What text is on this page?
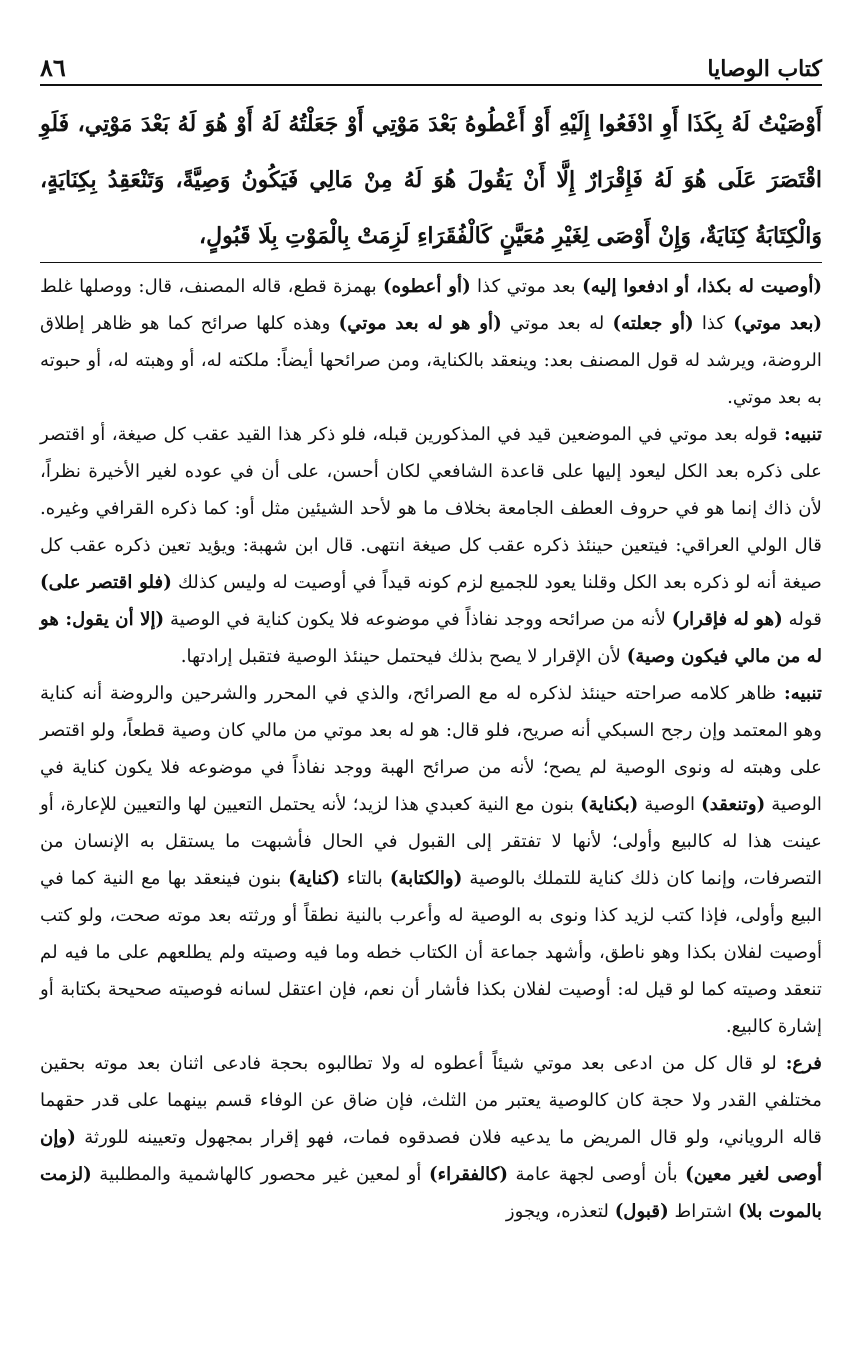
٨٦	كتاب الوصايا

أَوْصَيْتُ لَهُ بِكَذَا أَوِ ادْفَعُوا إِلَيْهِ أَوْ أَعْطُوهُ بَعْدَ مَوْتِي أَوْ جَعَلْتُهُ لَهُ أَوْ هُوَ لَهُ بَعْدَ مَوْتِي، فَلَوِ اقْتَصَرَ عَلَى هُوَ لَهُ فَإِقْرَارٌ إِلَّا أَنْ يَقُولَ هُوَ لَهُ مِنْ مَالِي فَيَكُونُ وَصِيَّةً، وَتَنْعَقِدُ بِكِنَايَةٍ، وَالْكِتَابَةُ كِنَايَةٌ، وَإِنْ أَوْصَى لِغَيْرِ مُعَيَّنٍ كَالْفُقَرَاءِ لَزِمَتْ بِالْمَوْتِ بِلَا قَبُولٍ،

(أوصيت له بكذا، أو ادفعوا إليه) بعد موتي كذا (أو أعطوه) بهمزة قطع، قاله المصنف، قال: ووصلها غلط (بعد موتي) كذا (أو جعلته) له بعد موتي (أو هو له بعد موتي) وهذه كلها صرائح كما هو ظاهر إطلاق الروضة، ويرشد له قول المصنف بعد: وينعقد بالكناية، ومن صرائحها أيضاً: ملكته له، أو وهبته له، أو حبوته به بعد موتي.

تنبيه: قوله بعد موتي في الموضعين قيد في المذكورين قبله، فلو ذكر هذا القيد عقب كل صيغة، أو اقتصر على ذكره بعد الكل ليعود إليها على قاعدة الشافعي لكان أحسن، على أن في عوده لغير الأخيرة نظراً، لأن ذاك إنما هو في حروف العطف الجامعة بخلاف ما هو لأحد الشيئين مثل أو: كما ذكره القرافي وغيره. قال الولي العراقي: فيتعين حينئذ ذكره عقب كل صيغة انتهى. قال ابن شهبة: ويؤيد تعين ذكره عقب كل صيغة أنه لو ذكره بعد الكل وقلنا يعود للجميع لزم كونه قيداً في أوصيت له وليس كذلك (فلو اقتصر على) قوله (هو له فإقرار) لأنه من صرائحه ووجد نفاذاً في موضوعه فلا يكون كناية في الوصية (إلا أن يقول: هو له من مالي فيكون وصية) لأن الإقرار لا يصح بذلك فيحتمل حينئذ الوصية فتقبل إرادتها.

تنبيه: ظاهر كلامه صراحته حينئذ لذكره له مع الصرائح، والذي في المحرر والشرحين والروضة أنه كناية وهو المعتمد وإن رجح السبكي أنه صريح، فلو قال: هو له بعد موتي من مالي كان وصية قطعاً، ولو اقتصر على وهبته له ونوى الوصية لم يصح؛ لأنه من صرائح الهبة ووجد نفاذاً في موضوعه فلا يكون كناية في الوصية (وتنعقد) الوصية (بكناية) بنون مع النية كعبدي هذا لزيد؛ لأنه يحتمل التعيين لها والتعيين للإعارة، أو عينت هذا له كالبيع وأولى؛ لأنها لا تفتقر إلى القبول في الحال فأشبهت ما يستقل به الإنسان من التصرفات، وإنما كان ذلك كناية للتملك بالوصية (والكتابة) بالتاء (كناية) بنون فينعقد بها مع النية كما في البيع وأولى، فإذا كتب لزيد كذا ونوى به الوصية له وأعرب بالنية نطقاً أو ورثته بعد موته صحت، ولو كتب أوصيت لفلان بكذا وهو ناطق، وأشهد جماعة أن الكتاب خطه وما فيه وصيته ولم يطلعهم على ما فيه لم تنعقد وصيته كما لو قيل له: أوصيت لفلان بكذا فأشار أن نعم، فإن اعتقل لسانه فوصيته صحيحة بكتابة أو إشارة كالبيع.

فرع: لو قال كل من ادعى بعد موتي شيئاً أعطوه له ولا تطالبوه بحجة فادعى اثنان بعد موته بحقين مختلفي القدر ولا حجة كان كالوصية يعتبر من الثلث، فإن ضاق عن الوفاء قسم بينهما على قدر حقهما قاله الروياني، ولو قال المريض ما يدعيه فلان فصدقوه فمات، فهو إقرار بمجهول وتعيينه للورثة (وإن أوصى لغير معين) بأن أوصى لجهة عامة (كالفقراء) أو لمعين غير محصور كالهاشمية والمطلبية (لزمت بالموت بلا) اشتراط (قبول) لتعذره، ويجوز
